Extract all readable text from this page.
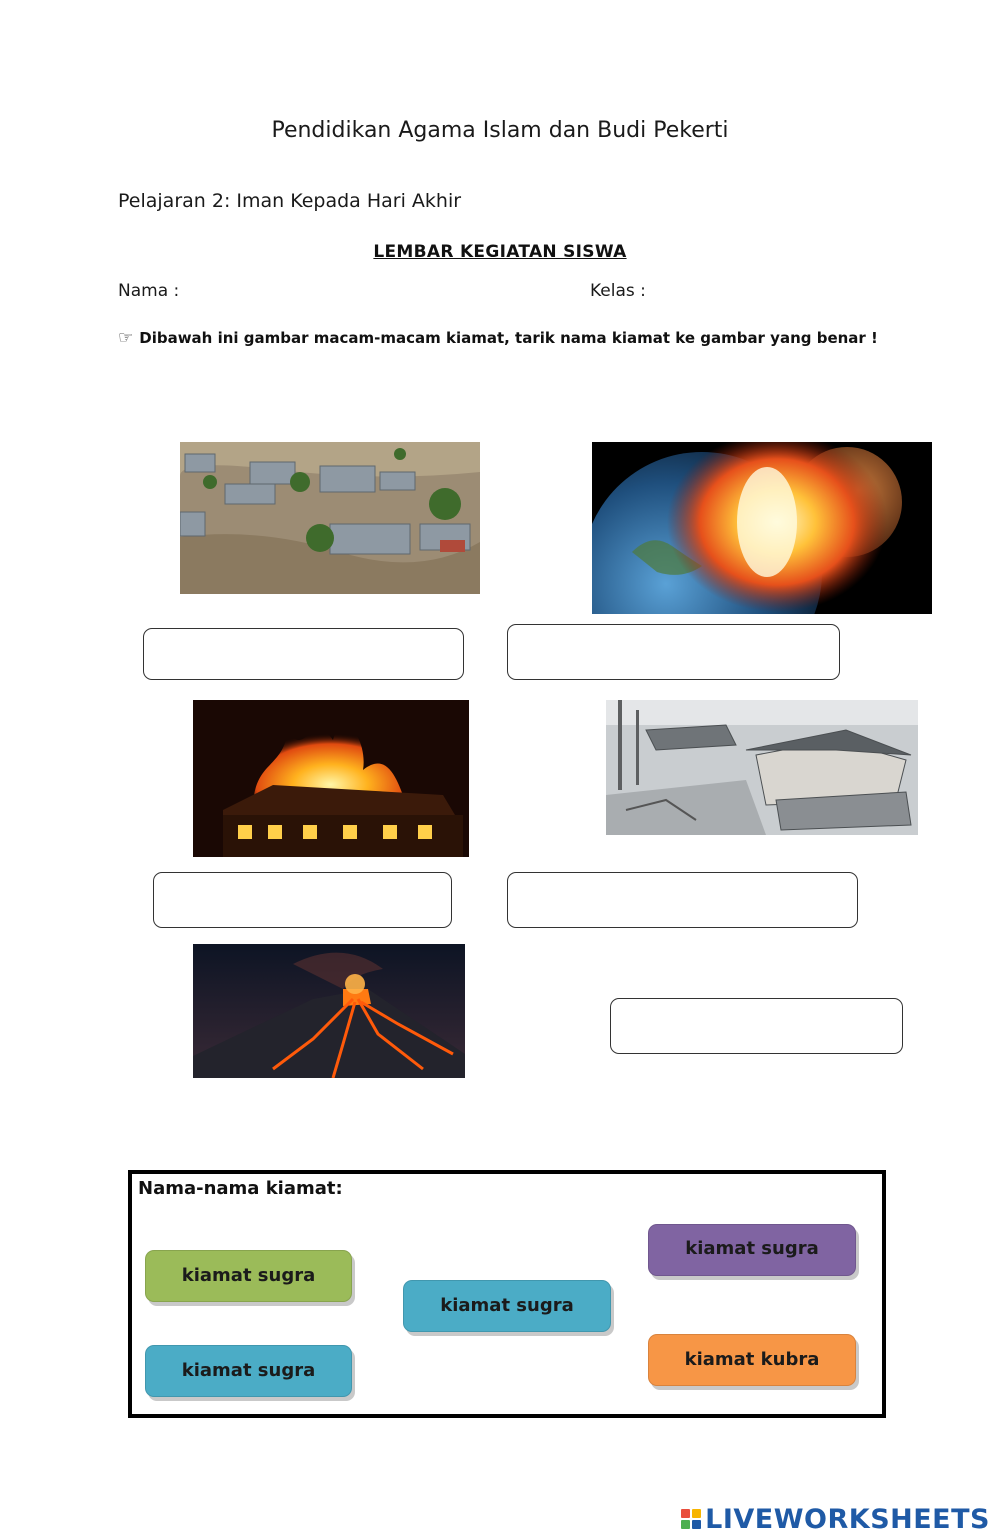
Pendidikan Agama Islam dan Budi Pekerti
Pelajaran 2: Iman Kepada Hari Akhir
LEMBAR KEGIATAN SISWA
Nama :	Kelas :
☞ Dibawah ini gambar macam-macam kiamat, tarik nama kiamat ke gambar yang benar !
Nama-nama kiamat:
kiamat sugra
kiamat sugra
kiamat sugra
kiamat sugra
kiamat kubra
LIVEWORKSHEETS
